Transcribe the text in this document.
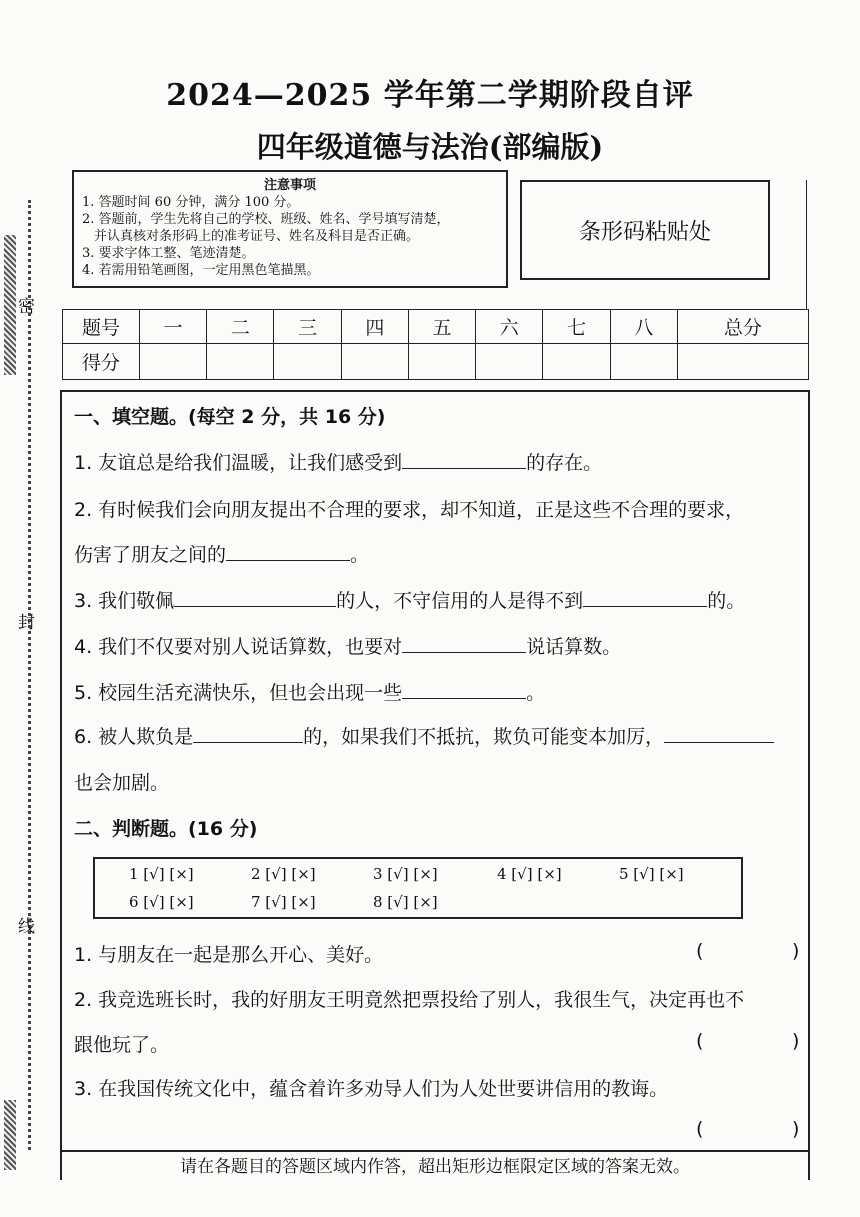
密
封
线
2024—2025 学年第二学期阶段自评
四年级道德与法治(部编版)
注意事项
1. 答题时间 60 分钟，满分 100 分。
2. 答题前，学生先将自己的学校、班级、姓名、学号填写清楚，
并认真核对条形码上的准考证号、姓名及科目是否正确。
3. 要求字体工整、笔迹清楚。
4. 若需用铅笔画图，一定用黑色笔描黑。
条形码粘贴处
题号	一	二	三	四	五	六	七	八	总分
得分									
一、填空题。(每空 2 分，共 16 分)
1. 友谊总是给我们温暖，让我们感受到	的存在。
2. 有时候我们会向朋友提出不合理的要求，却不知道，正是这些不合理的要求，
伤害了朋友之间的	。
3. 我们敬佩	的人，不守信用的人是得不到	的。
4. 我们不仅要对别人说话算数，也要对	说话算数。
5. 校园生活充满快乐，但也会出现一些	。
6. 被人欺负是	的，如果我们不抵抗，欺负可能变本加厉，
也会加剧。
二、判断题。(16 分)
1 [√] [×]	2 [√] [×]	3 [√] [×]	4 [√] [×]	5 [√] [×]
6 [√] [×]	7 [√] [×]	8 [√] [×]
1. 与朋友在一起是那么开心、美好。	(	)
2. 我竞选班长时，我的好朋友王明竟然把票投给了别人，我很生气，决定再也不
跟他玩了。	(	)
3. 在我国传统文化中，蕴含着许多劝导人们为人处世要讲信用的教诲。
(	)
请在各题目的答题区域内作答，超出矩形边框限定区域的答案无效。
